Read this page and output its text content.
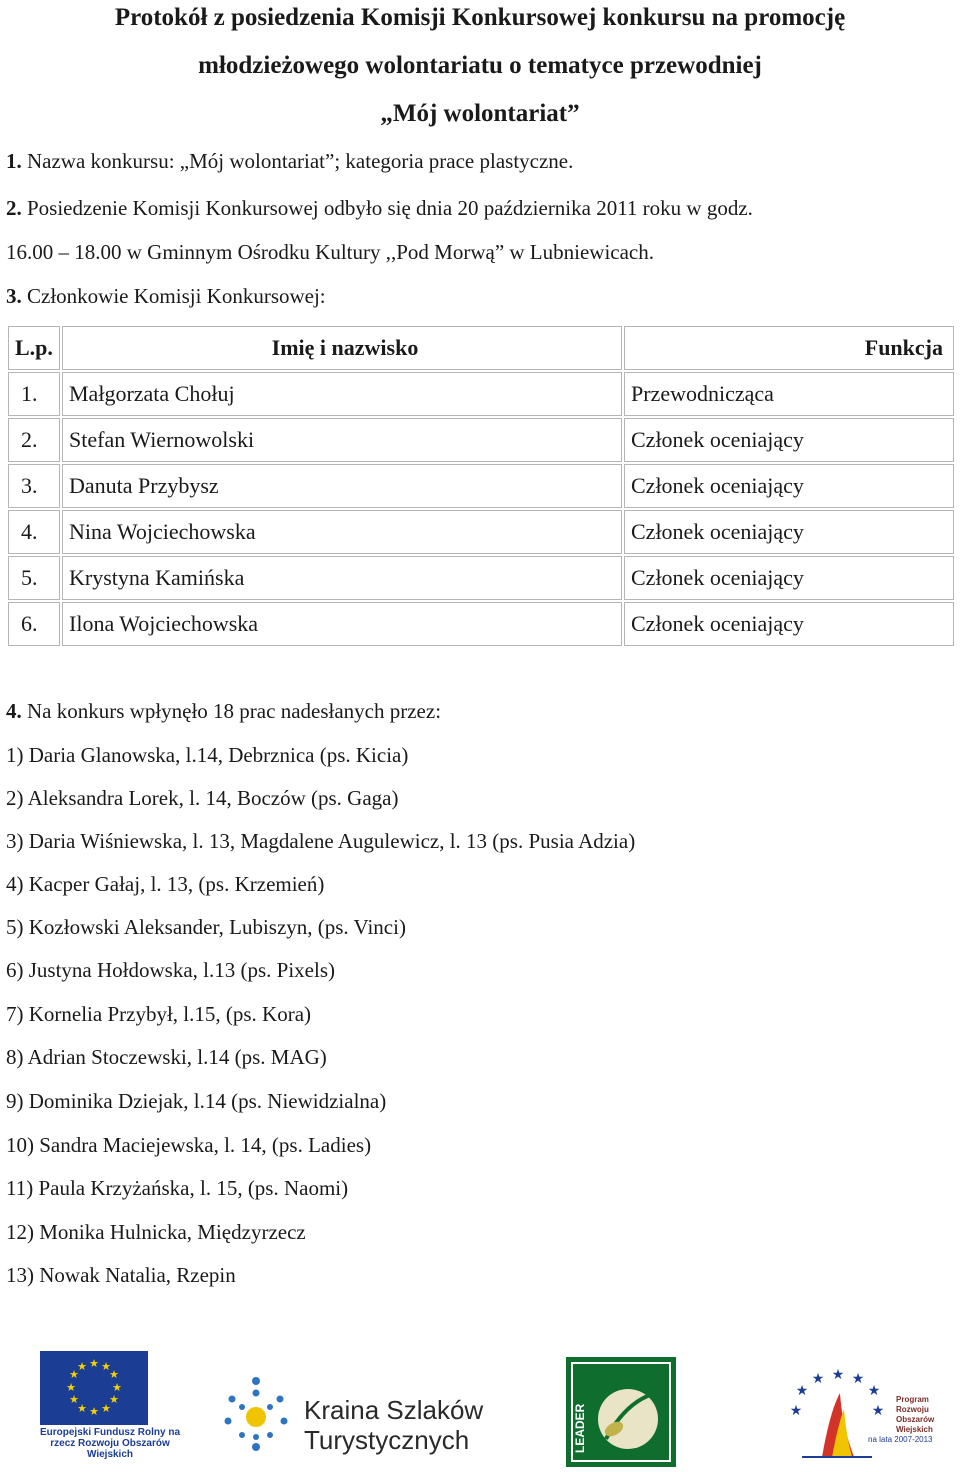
Protokół z posiedzenia Komisji Konkursowej konkursu na promocję
młodzieżowego wolontariatu o tematyce przewodniej
„Mój wolontariat”
1. Nazwa konkursu: „Mój wolontariat”; kategoria prace plastyczne.
2. Posiedzenie Komisji Konkursowej odbyło się dnia 20 października 2011 roku w godz.
16.00 – 18.00 w Gminnym Ośrodku Kultury ,,Pod Morwą” w Lubniewicach.
3. Członkowie Komisji Konkursowej:
L.p.	Imię i nazwisko	Funkcja
1.	Małgorzata Chołuj	Przewodnicząca
2.	Stefan Wiernowolski	Członek oceniający
3.	Danuta Przybysz	Członek oceniający
4.	Nina Wojciechowska	Członek oceniający
5.	Krystyna Kamińska	Członek oceniający
6.	Ilona Wojciechowska	Członek oceniający
4. Na konkurs wpłynęło 18 prac nadesłanych przez:
1) Daria Glanowska, l.14, Debrznica (ps. Kicia)
2) Aleksandra Lorek, l. 14, Boczów (ps. Gaga)
3) Daria Wiśniewska, l. 13, Magdalene Augulewicz, l. 13 (ps. Pusia Adzia)
4) Kacper Gałaj, l. 13, (ps. Krzemień)
5) Kozłowski Aleksander, Lubiszyn, (ps. Vinci)
6) Justyna Hołdowska, l.13 (ps. Pixels)
7) Kornelia Przybył, l.15, (ps. Kora)
8) Adrian Stoczewski, l.14 (ps. MAG)
9) Dominika Dziejak, l.14 (ps. Niewidzialna)
10) Sandra Maciejewska, l. 14, (ps. Ladies)
11) Paula Krzyżańska, l. 15, (ps. Naomi)
12) Monika Hulnicka, Międzyrzecz
13) Nowak Natalia, Rzepin
★ ★
★
★
★
★
★
★
★
★
★
★
Europejski Fundusz Rolny na rzecz Rozwoju Obszarów Wiejskich
Kraina Szlaków
Turystycznych	LEADER
★
★ ★ ★
★
★	★
Program Rozwoju Obszarów Wiejskich
na lata 2007-2013
